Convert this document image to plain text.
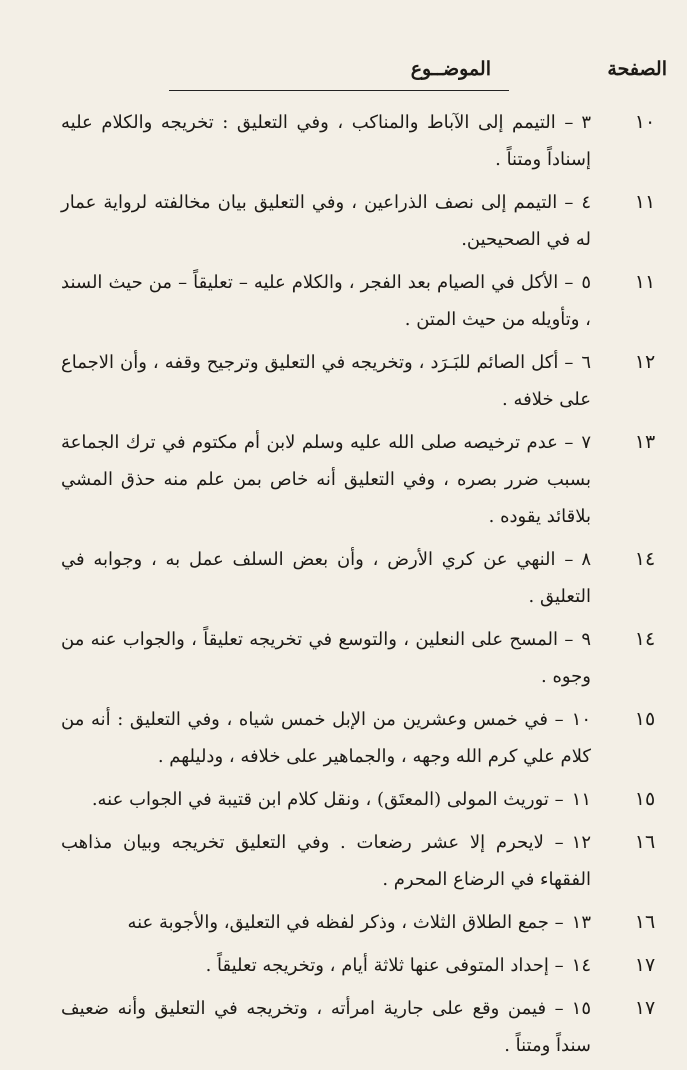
الصفحة
الموضــوع
١٠
٣– التيمم إلى الآباط والمناكب ، وفي التعليق : تخريجه والكلام عليه إسناداً ومتناً .
١١
٤– التيمم إلى نصف الذراعين ، وفي التعليق بيان مخالفته لرواية عمار له في الصحيحين.
١١
٥– الأكل في الصيام بعد الفجر ، والكلام عليه – تعليقاً – من حيث السند ، وتأويله من حيث المتن .
١٢
٦– أكل الصائم للبَـرَد ، وتخريجه في التعليق وترجيح وقفه ، وأن الاجماع على خلافه .
١٣
٧– عدم ترخيصه صلى الله عليه وسلم لابن أم مكتوم في ترك الجماعة بسبب ضرر بصره ، وفي التعليق أنه خاص بمن علم منه حذق المشي بلاقائد يقوده .
١٤
٨– النهي عن كري الأرض ، وأن بعض السلف عمل به ، وجوابه في التعليق .
١٤
٩– المسح على النعلين ، والتوسع في تخريجه تعليقاً ، والجواب عنه من وجوه .
١٥
١٠– في خمس وعشرين من الإبل خمس شياه ، وفي التعليق : أنه من كلام علي كرم الله وجهه ، والجماهير على خلافه ، ودليلهم .
١٥
١١– توريث المولى (المعتَق) ، ونقل كلام ابن قتيبة في الجواب عنه.
١٦
١٢– لايحرم إلا عشر رضعات . وفي التعليق تخريجه وبيان مذاهب الفقهاء في الرضاع المحرم .
١٦
١٣– جمع الطلاق الثلاث ، وذكر لفظه في التعليق، والأجوبة عنه
١٧
١٤– إحداد المتوفى عنها ثلاثة أيام ، وتخريجه تعليقاً .
١٧
١٥– فيمن وقع على جارية امرأته ، وتخريجه في التعليق وأنه ضعيف سنداً ومتناً .
